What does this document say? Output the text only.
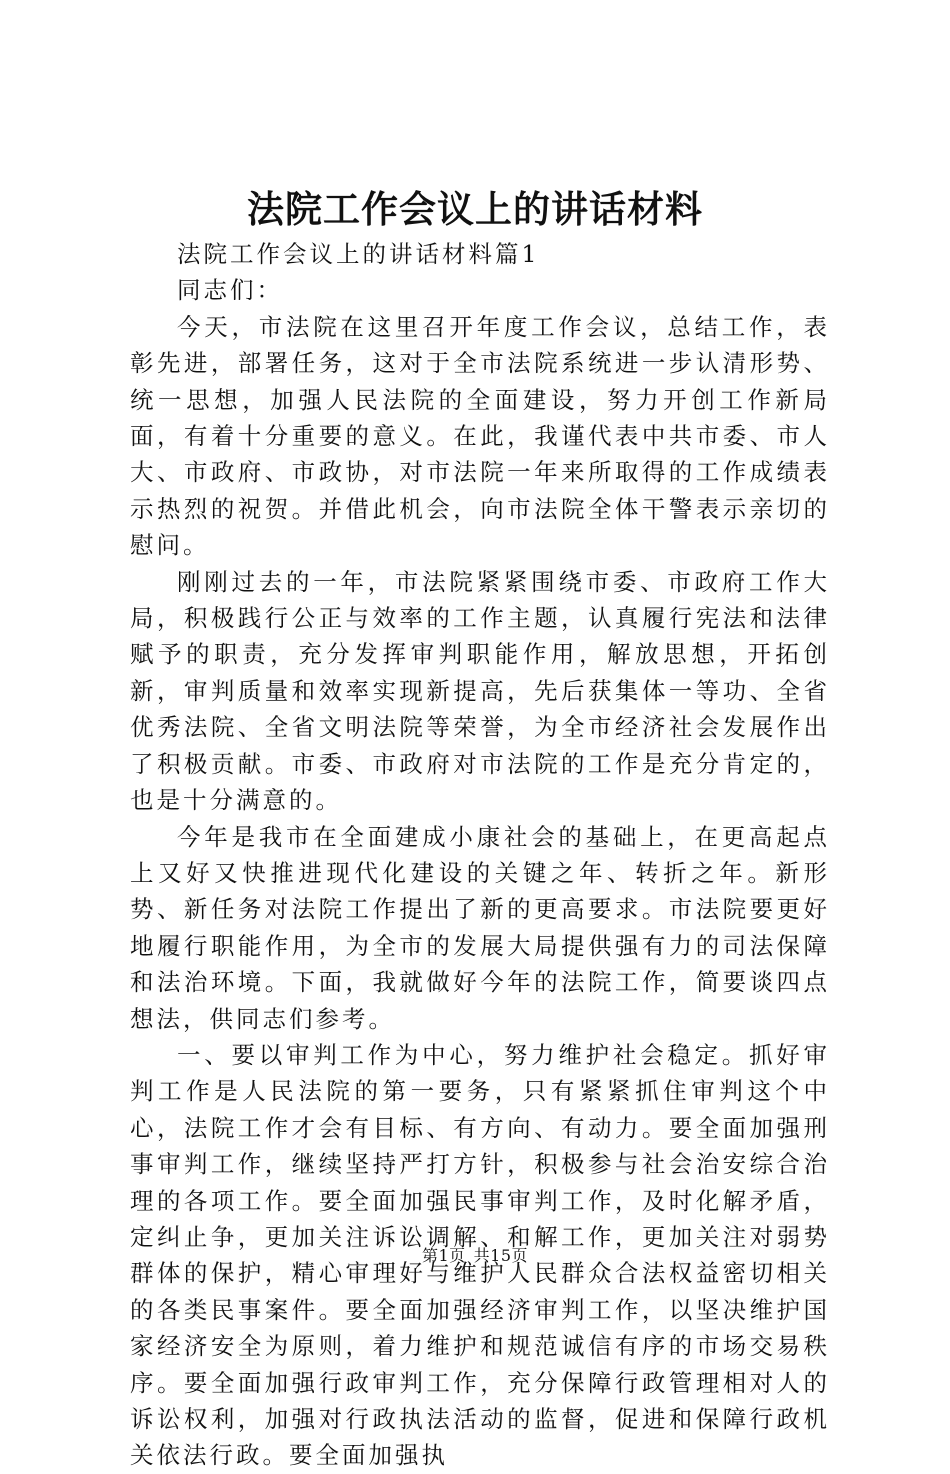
法院工作会议上的讲话材料

法院工作会议上的讲话材料篇1

同志们：

今天，市法院在这里召开年度工作会议，总结工作，表彰先进，部署任务，这对于全市法院系统进一步认清形势、统一思想，加强人民法院的全面建设，努力开创工作新局面，有着十分重要的意义。在此，我谨代表中共市委、市人大、市政府、市政协，对市法院一年来所取得的工作成绩表示热烈的祝贺。并借此机会，向市法院全体干警表示亲切的慰问。

刚刚过去的一年，市法院紧紧围绕市委、市政府工作大局，积极践行公正与效率的工作主题，认真履行宪法和法律赋予的职责，充分发挥审判职能作用，解放思想，开拓创新，审判质量和效率实现新提高，先后获集体一等功、全省优秀法院、全省文明法院等荣誉，为全市经济社会发展作出了积极贡献。市委、市政府对市法院的工作是充分肯定的，也是十分满意的。

今年是我市在全面建成小康社会的基础上，在更高起点上又好又快推进现代化建设的关键之年、转折之年。新形势、新任务对法院工作提出了新的更高要求。市法院要更好地履行职能作用，为全市的发展大局提供强有力的司法保障和法治环境。下面，我就做好今年的法院工作，简要谈四点想法，供同志们参考。

一、要以审判工作为中心，努力维护社会稳定。抓好审判工作是人民法院的第一要务，只有紧紧抓住审判这个中心，法院工作才会有目标、有方向、有动力。要全面加强刑事审判工作，继续坚持严打方针，积极参与社会治安综合治理的各项工作。要全面加强民事审判工作，及时化解矛盾，定纠止争，更加关注诉讼调解、和解工作，更加关注对弱势群体的保护，精心审理好与维护人民群众合法权益密切相关的各类民事案件。要全面加强经济审判工作，以坚决维护国家经济安全为原则，着力维护和规范诚信有序的市场交易秩序。要全面加强行政审判工作，充分保障行政管理相对人的诉讼权利，加强对行政执法活动的监督，促进和保障行政机关依法行政。要全面加强执

第1页 共15页
